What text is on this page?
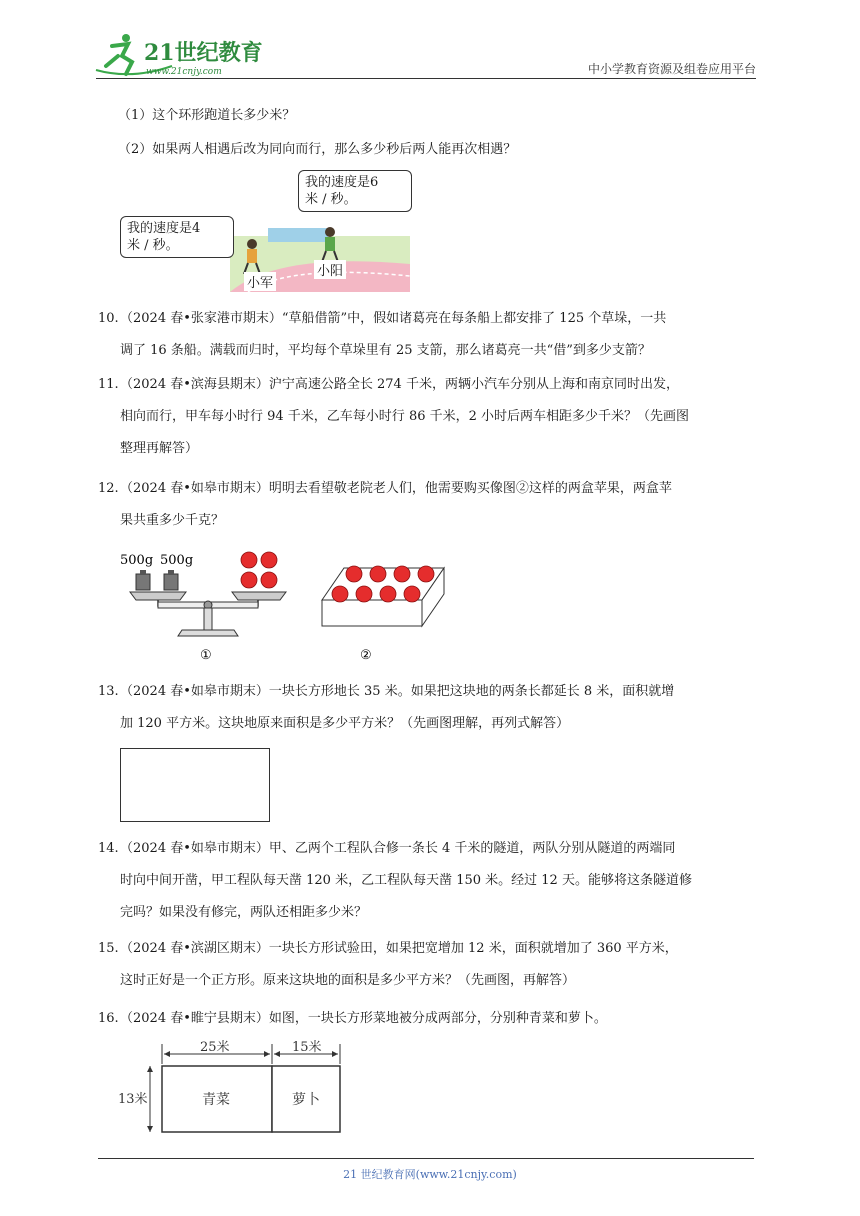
21世纪教育
www.21cnjy.com	中小学教育资源及组卷应用平台
（1）这个环形跑道长多少米？
（2）如果两人相遇后改为同向而行，那么多少秒后两人能再次相遇？
我的速度是6
米 / 秒。
我的速度是4
米 / 秒。
小军
小阳
10.（2024 春•张家港市期末）“草船借箭”中，假如诸葛亮在每条船上都安排了 125 个草垛，一共
调了 16 条船。满载而归时，平均每个草垛里有 25 支箭，那么诸葛亮一共“借”到多少支箭？
11.（2024 春•滨海县期末）沪宁高速公路全长 274 千米，两辆小汽车分别从上海和南京同时出发，
相向而行，甲车每小时行 94 千米，乙车每小时行 86 千米，2 小时后两车相距多少千米？（先画图
整理再解答）
12.（2024 春•如皋市期末）明明去看望敬老院老人们，他需要购买像图②这样的两盒苹果，两盒苹
果共重多少千克？
500g 500g
①	②
13.（2024 春•如皋市期末）一块长方形地长 35 米。如果把这块地的两条长都延长 8 米，面积就增
加 120 平方米。这块地原来面积是多少平方米？（先画图理解，再列式解答）
14.（2024 春•如皋市期末）甲、乙两个工程队合修一条长 4 千米的隧道，两队分别从隧道的两端同
时向中间开凿，甲工程队每天凿 120 米，乙工程队每天凿 150 米。经过 12 天。能够将这条隧道修
完吗？如果没有修完，两队还相距多少米？
15.（2024 春•滨湖区期末）一块长方形试验田，如果把宽增加 12 米，面积就增加了 360 平方米，
这时正好是一个正方形。原来这块地的面积是多少平方米？（先画图，再解答）
16.（2024 春•睢宁县期末）如图，一块长方形菜地被分成两部分，分别种青菜和萝卜。
25米	15米
13米	青菜	萝卜
21 世纪教育网(www.21cnjy.com)
